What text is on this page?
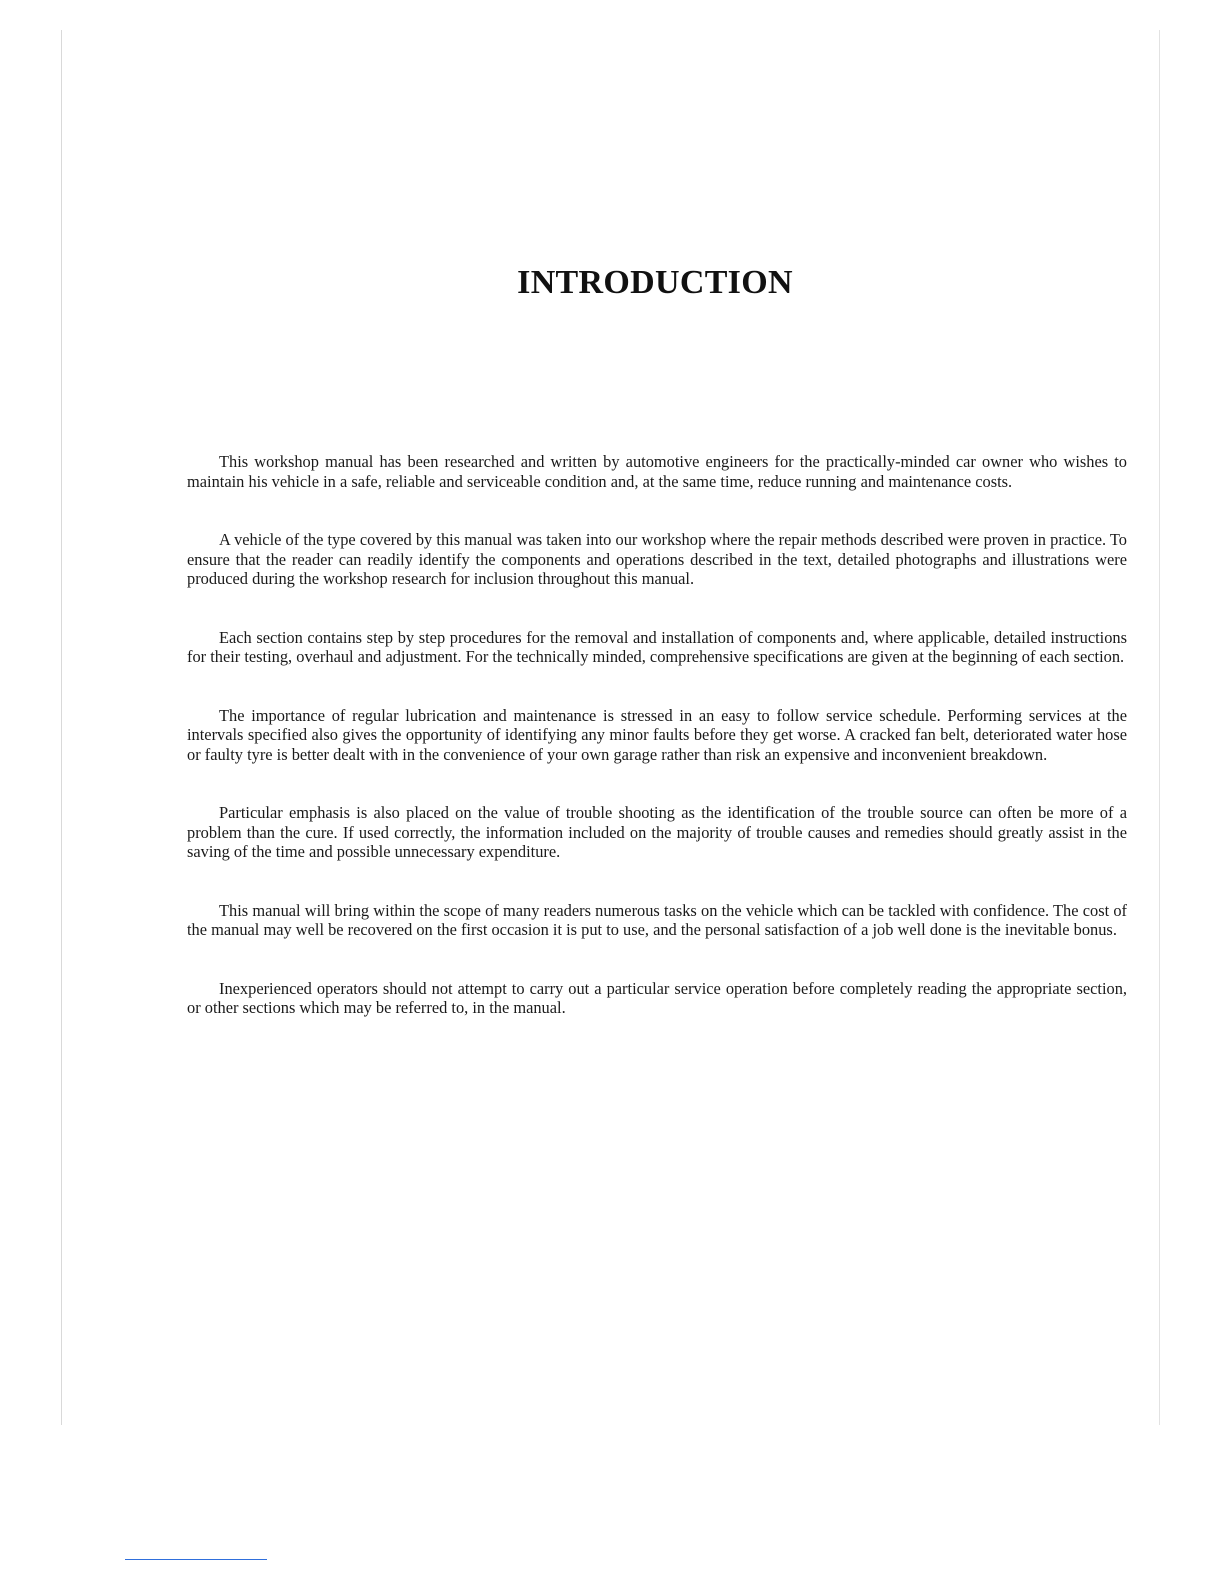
INTRODUCTION

This workshop manual has been researched and written by automotive engineers for the practically-minded car owner who wishes to maintain his vehicle in a safe, reliable and serviceable condition and, at the same time, reduce running and maintenance costs.

A vehicle of the type covered by this manual was taken into our workshop where the repair methods described were proven in practice. To ensure that the reader can readily identify the components and operations described in the text, detailed photographs and illustrations were produced during the workshop research for inclusion throughout this manual.

Each section contains step by step procedures for the removal and installation of components and, where applicable, detailed instructions for their testing, overhaul and adjustment. For the technically minded, comprehensive specifications are given at the beginning of each section.

The importance of regular lubrication and maintenance is stressed in an easy to follow service schedule. Performing services at the intervals specified also gives the opportunity of identifying any minor faults before they get worse. A cracked fan belt, deteriorated water hose or faulty tyre is better dealt with in the convenience of your own garage rather than risk an expensive and inconvenient breakdown.

Particular emphasis is also placed on the value of trouble shooting as the identification of the trouble source can often be more of a problem than the cure. If used correctly, the information included on the majority of trouble causes and remedies should greatly assist in the saving of the time and possible unnecessary expenditure.

This manual will bring within the scope of many readers numerous tasks on the vehicle which can be tackled with confidence. The cost of the manual may well be recovered on the first occasion it is put to use, and the personal satisfaction of a job well done is the inevitable bonus.

Inexperienced operators should not attempt to carry out a particular service operation before completely reading the appropriate section, or other sections which may be referred to, in the manual.
